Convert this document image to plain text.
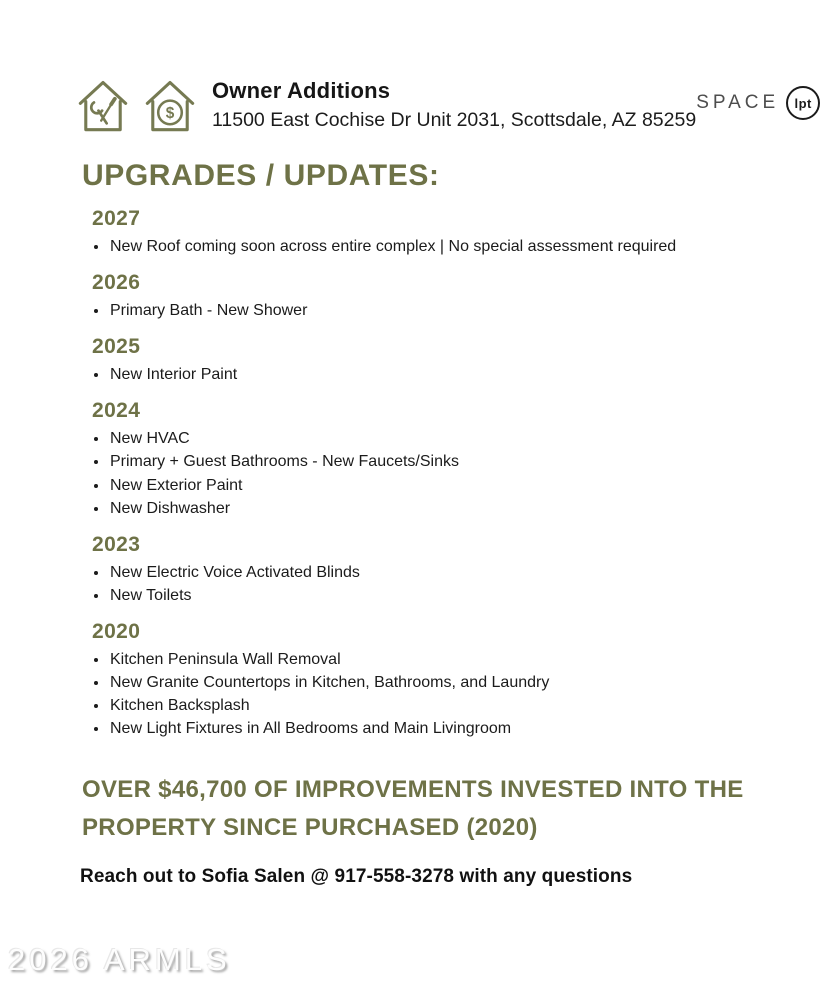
$
Owner Additions
11500 East Cochise Dr Unit 2031, Scottsdale, AZ 85259
SPACE	lpt
UPGRADES / UPDATES:
2027
• New Roof coming soon across entire complex | No special assessment required
2026
• Primary Bath - New Shower
2025
• New Interior Paint
2024
• New HVAC
• Primary + Guest Bathrooms - New Faucets/Sinks
• New Exterior Paint
• New Dishwasher
2023
• New Electric Voice Activated Blinds
• New Toilets
2020
• Kitchen Peninsula Wall Removal
• New Granite Countertops in Kitchen, Bathrooms, and Laundry
• Kitchen Backsplash
• New Light Fixtures in All Bedrooms and Main Livingroom
OVER $46,700 OF IMPROVEMENTS INVESTED INTO THE PROPERTY SINCE PURCHASED (2020)
Reach out to Sofia Salen @ 917-558-3278 with any questions
2026 ARMLS
